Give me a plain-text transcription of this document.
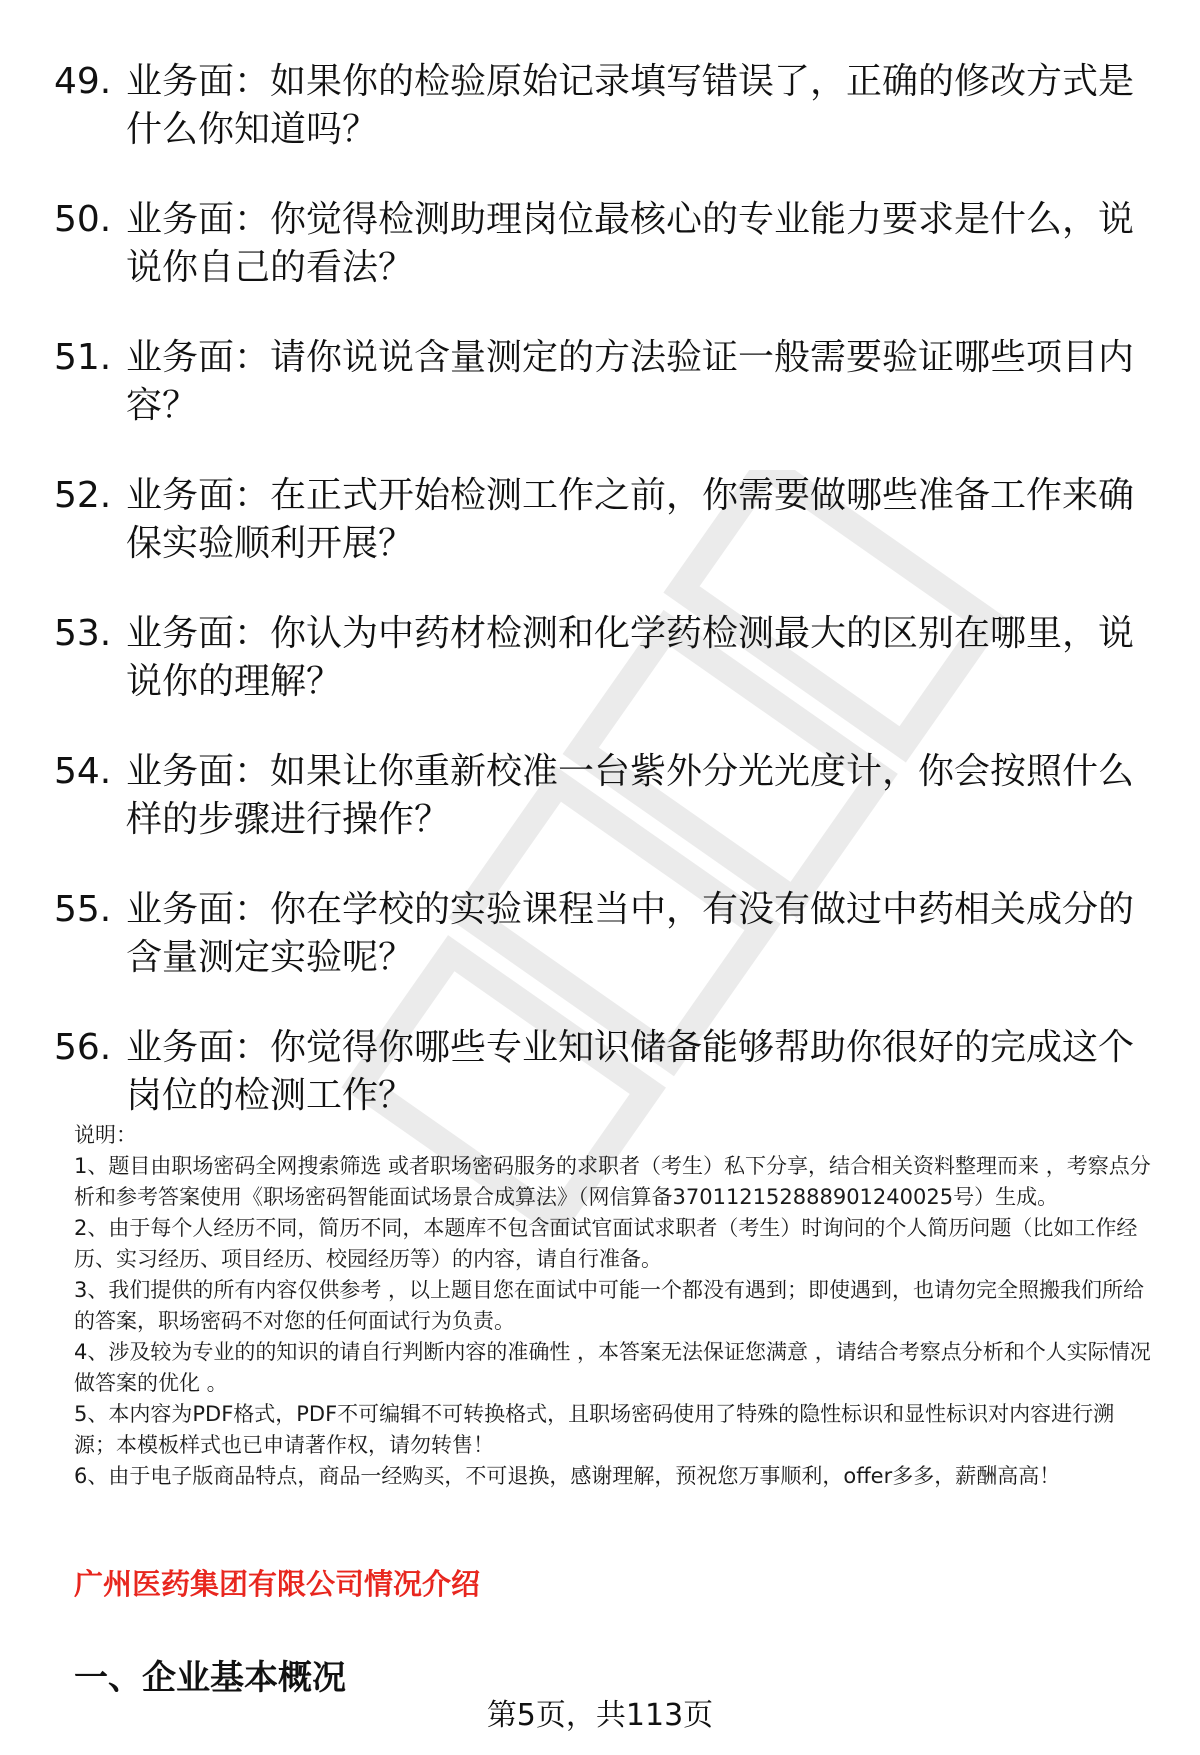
49. 业务面：如果你的检验原始记录填写错误了，正确的修改方式是什么你知道吗？
50. 业务面：你觉得检测助理岗位最核心的专业能力要求是什么，说说你自己的看法？
51. 业务面：请你说说含量测定的方法验证一般需要验证哪些项目内容？
52. 业务面：在正式开始检测工作之前，你需要做哪些准备工作来确保实验顺利开展？
53. 业务面：你认为中药材检测和化学药检测最大的区别在哪里，说说你的理解？
54. 业务面：如果让你重新校准一台紫外分光光度计，你会按照什么样的步骤进行操作？
55. 业务面：你在学校的实验课程当中，有没有做过中药相关成分的含量测定实验呢？
56. 业务面：你觉得你哪些专业知识储备能够帮助你很好的完成这个岗位的检测工作？

说明：

1、题目由职场密码全网搜索筛选 或者职场密码服务的求职者（考生）私下分享，结合相关资料整理而来 ，考察点分析和参考答案使用《职场密码智能面试场景合成算法》（网信算备370112152888901240025号）生成。

2、由于每个人经历不同，简历不同，本题库不包含面试官面试求职者（考生）时询问的个人简历问题（比如工作经历、实习经历、项目经历、校园经历等）的内容，请自行准备。

3、我们提供的所有内容仅供参考 ，以上题目您在面试中可能一个都没有遇到；即使遇到，也请勿完全照搬我们所给的答案，职场密码不对您的任何面试行为负责。

4、涉及较为专业的的知识的请自行判断内容的准确性 ，本答案无法保证您满意 ，请结合考察点分析和个人实际情况做答案的优化 。

5、本内容为PDF格式，PDF不可编辑不可转换格式，且职场密码使用了特殊的隐性标识和显性标识对内容进行溯源；本模板样式也已申请著作权，请勿转售！

6、由于电子版商品特点，商品一经购买，不可退换，感谢理解，预祝您万事顺利，offer多多，薪酬高高！

广州医药集团有限公司情况介绍
一、企业基本概况
第5页，共113页
